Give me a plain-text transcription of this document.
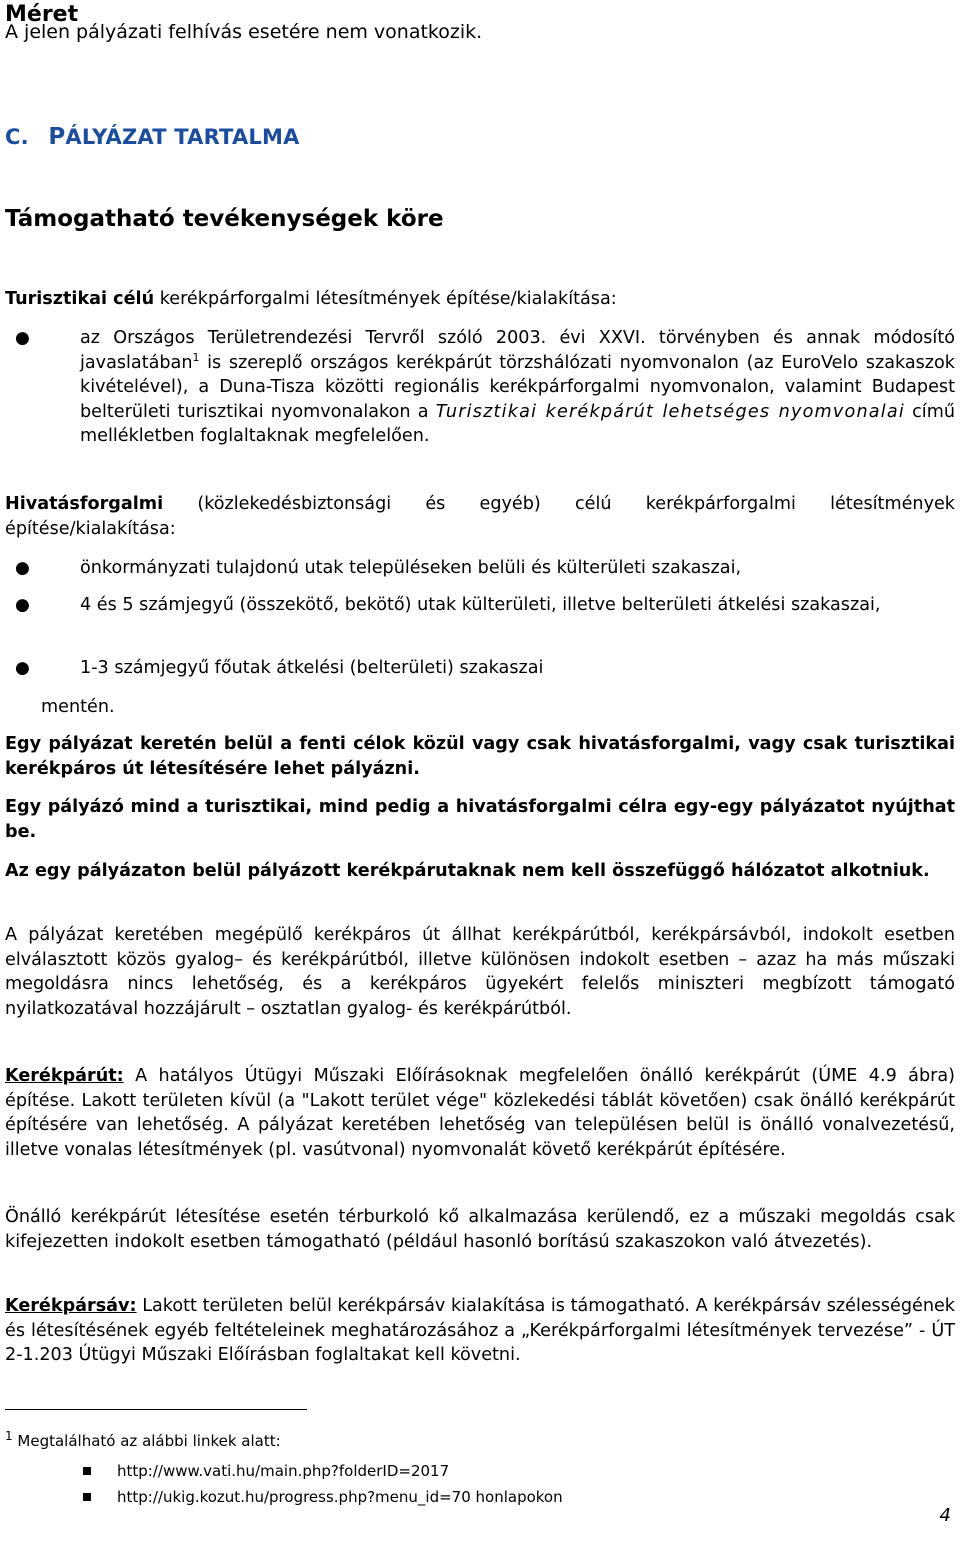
Méret
A jelen pályázati felhívás esetére nem vonatkozik.
C. PÁLYÁZAT TARTALMA
Támogatható tevékenységek köre
Turisztikai célú kerékpárforgalmi létesítmények építése/kialakítása:
●	az Országos Területrendezési Tervről szóló 2003. évi XXVI. törvényben és annak módosító javaslatában$^1$ is szereplő országos kerékpárút törzshálózati nyomvonalon (az EuroVelo szakaszok kivételével), a Duna-Tisza közötti regionális kerékpárforgalmi nyomvonalon, valamint Budapest belterületi turisztikai nyomvonalakon a Turisztikai kerékpárút lehetséges nyomvonalai című mellékletben foglaltaknak megfelelően.
Hivatásforgalmi (közlekedésbiztonsági és egyéb) célú kerékpárforgalmi létesítmények építése/kialakítása:
●	önkormányzati tulajdonú utak településeken belüli és külterületi szakaszai,
●	4 és 5 számjegyű (összekötő, bekötő) utak külterületi, illetve belterületi átkelési szakaszai,
●	1-3 számjegyű főutak átkelési (belterületi) szakaszai
mentén.
Egy pályázat keretén belül a fenti célok közül vagy csak hivatásforgalmi, vagy csak turisztikai kerékpáros út létesítésére lehet pályázni.
Egy pályázó mind a turisztikai, mind pedig a hivatásforgalmi célra egy-egy pályázatot nyújthat be.
Az egy pályázaton belül pályázott kerékpárutaknak nem kell összefüggő hálózatot alkotniuk.
A pályázat keretében megépülő kerékpáros út állhat kerékpárútból, kerékpársávból, indokolt esetben elválasztott közös gyalog– és kerékpárútból, illetve különösen indokolt esetben – azaz ha más műszaki megoldásra nincs lehetőség, és a kerékpáros ügyekért felelős miniszteri megbízott támogató nyilatkozatával hozzájárult – osztatlan gyalog- és kerékpárútból.
Kerékpárút: A hatályos Útügyi Műszaki Előírásoknak megfelelően önálló kerékpárút (ÚME 4.9 ábra) építése. Lakott területen kívül (a "Lakott terület vége" közlekedési táblát követően) csak önálló kerékpárút építésére van lehetőség. A pályázat keretében lehetőség van településen belül is önálló vonalvezetésű, illetve vonalas létesítmények (pl. vasútvonal) nyomvonalát követő kerékpárút építésére.
Önálló kerékpárút létesítése esetén térburkoló kő alkalmazása kerülendő, ez a műszaki megoldás csak kifejezetten indokolt esetben támogatható (például hasonló borítású szakaszokon való átvezetés).
Kerékpársáv: Lakott területen belül kerékpársáv kialakítása is támogatható. A kerékpársáv szélességének és létesítésének egyéb feltételeinek meghatározásához a „Kerékpárforgalmi létesítmények tervezése” - ÚT 2-1.203 Útügyi Műszaki Előírásban foglaltakat kell követni.
$^1$ Megtalálható az alábbi linkek alatt:
http://www.vati.hu/main.php?folderID=2017
http://ukig.kozut.hu/progress.php?menu_id=70 honlapokon
4
